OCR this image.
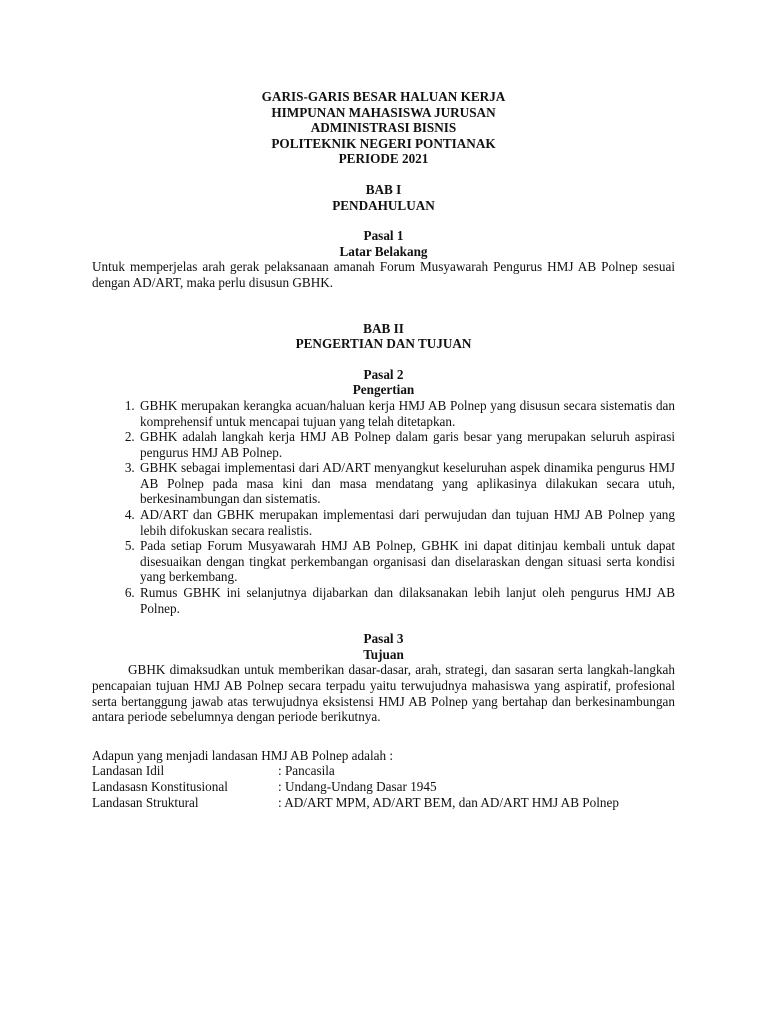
GARIS-GARIS BESAR HALUAN KERJA
HIMPUNAN MAHASISWA JURUSAN
ADMINISTRASI BISNIS
POLITEKNIK NEGERI PONTIANAK
PERIODE 2021
BAB I
PENDAHULUAN
Pasal 1
Latar Belakang
Untuk memperjelas arah gerak pelaksanaan amanah Forum Musyawarah Pengurus HMJ AB Polnep sesuai dengan AD/ART, maka perlu disusun GBHK.
BAB II
PENGERTIAN DAN TUJUAN
Pasal 2
Pengertian
1. GBHK merupakan kerangka acuan/haluan kerja HMJ AB Polnep yang disusun secara sistematis dan komprehensif untuk mencapai tujuan yang telah ditetapkan.
2. GBHK adalah langkah kerja HMJ AB Polnep dalam garis besar yang merupakan seluruh aspirasi pengurus HMJ AB Polnep.
3. GBHK sebagai implementasi dari AD/ART menyangkut keseluruhan aspek dinamika pengurus HMJ AB Polnep pada masa kini dan masa mendatang yang aplikasinya dilakukan secara utuh, berkesinambungan dan sistematis.
4. AD/ART dan GBHK merupakan implementasi dari perwujudan dan tujuan HMJ AB Polnep yang lebih difokuskan secara realistis.
5. Pada setiap Forum Musyawarah HMJ AB Polnep, GBHK ini dapat ditinjau kembali untuk dapat disesuaikan dengan tingkat perkembangan organisasi dan diselaraskan dengan situasi serta kondisi yang berkembang.
6. Rumus GBHK ini selanjutnya dijabarkan dan dilaksanakan lebih lanjut oleh pengurus HMJ AB Polnep.
Pasal 3
Tujuan
GBHK dimaksudkan untuk memberikan dasar-dasar, arah, strategi, dan sasaran serta langkah-langkah pencapaian tujuan HMJ AB Polnep secara terpadu yaitu terwujudnya mahasiswa yang aspiratif, profesional serta bertanggung jawab atas terwujudnya eksistensi HMJ AB Polnep yang bertahap dan berkesinambungan antara periode sebelumnya dengan periode berikutnya.
Adapun yang menjadi landasan HMJ AB Polnep adalah :
Landasan Idil	: Pancasila
Landasasn Konstitusional	: Undang-Undang Dasar 1945
Landasan Struktural	: AD/ART MPM, AD/ART BEM, dan AD/ART HMJ AB Polnep
